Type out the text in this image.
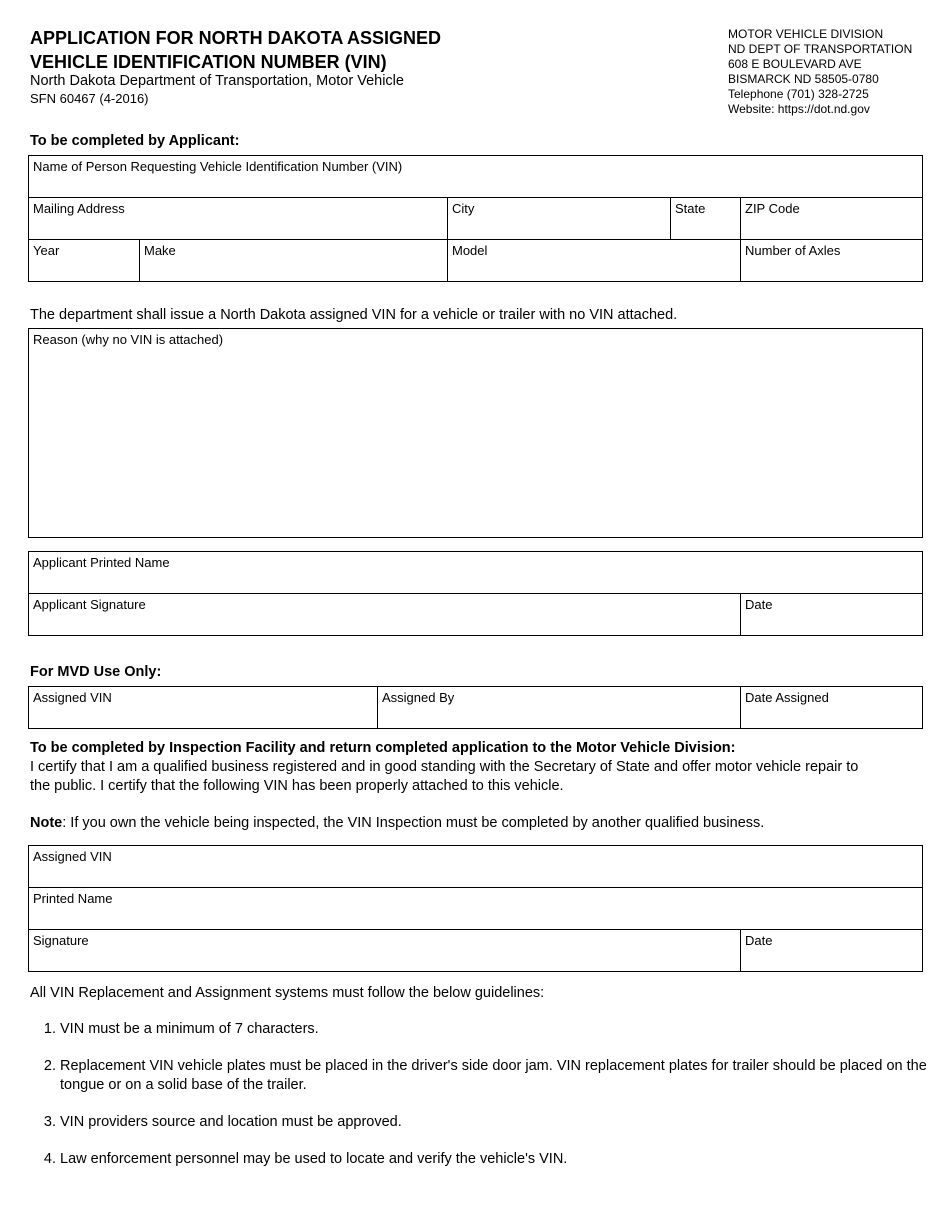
APPLICATION FOR NORTH DAKOTA ASSIGNED
VEHICLE IDENTIFICATION NUMBER (VIN)
North Dakota Department of Transportation, Motor Vehicle
SFN 60467 (4-2016)
MOTOR VEHICLE DIVISION
ND DEPT OF TRANSPORTATION
608 E BOULEVARD AVE
BISMARCK ND 58505-0780
Telephone (701) 328-2725
Website: https://dot.nd.gov
To be completed by Applicant:
Name of Person Requesting Vehicle Identification Number (VIN)
Mailing Address	City	State	ZIP Code
Year	Make	Model	Number of Axles
The department shall issue a North Dakota assigned VIN for a vehicle or trailer with no VIN attached.
Reason (why no VIN is attached)
Applicant Printed Name
Applicant Signature	Date
For MVD Use Only:
Assigned VIN	Assigned By	Date Assigned
To be completed by Inspection Facility and return completed application to the Motor Vehicle Division:
I certify that I am a qualified business registered and in good standing with the Secretary of State and offer motor vehicle repair to
the public. I certify that the following VIN has been properly attached to this vehicle.
Note: If you own the vehicle being inspected, the VIN Inspection must be completed by another qualified business.
Assigned VIN
Printed Name
Signature	Date
All VIN Replacement and Assignment systems must follow the below guidelines:
1. VIN must be a minimum of 7 characters.
2. Replacement VIN vehicle plates must be placed in the driver's side door jam. VIN replacement plates for trailer should be placed on the tongue or on a solid base of the trailer.
3. VIN providers source and location must be approved.
4. Law enforcement personnel may be used to locate and verify the vehicle's VIN.
